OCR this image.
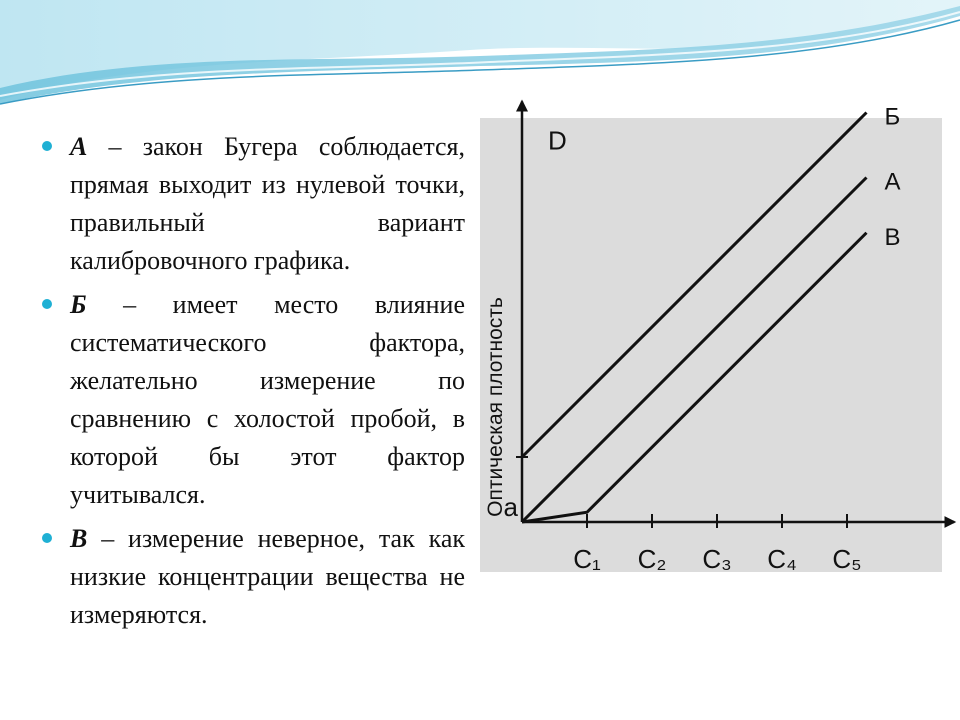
А – закон Бугера соблюдается, прямая выходит из нулевой точки, правильный вариант калибровочного графика.
Б – имеет место влияние систематического фактора, желательно измерение по сравнению с холостой пробой, в которой бы этот фактор учитывался.
В – измерение неверное, так как низкие концентрации вещества не измеряются.
C₁ C₂ C₃ C₄ C₅
Оптическая плотность
D
а
Б
А
В
